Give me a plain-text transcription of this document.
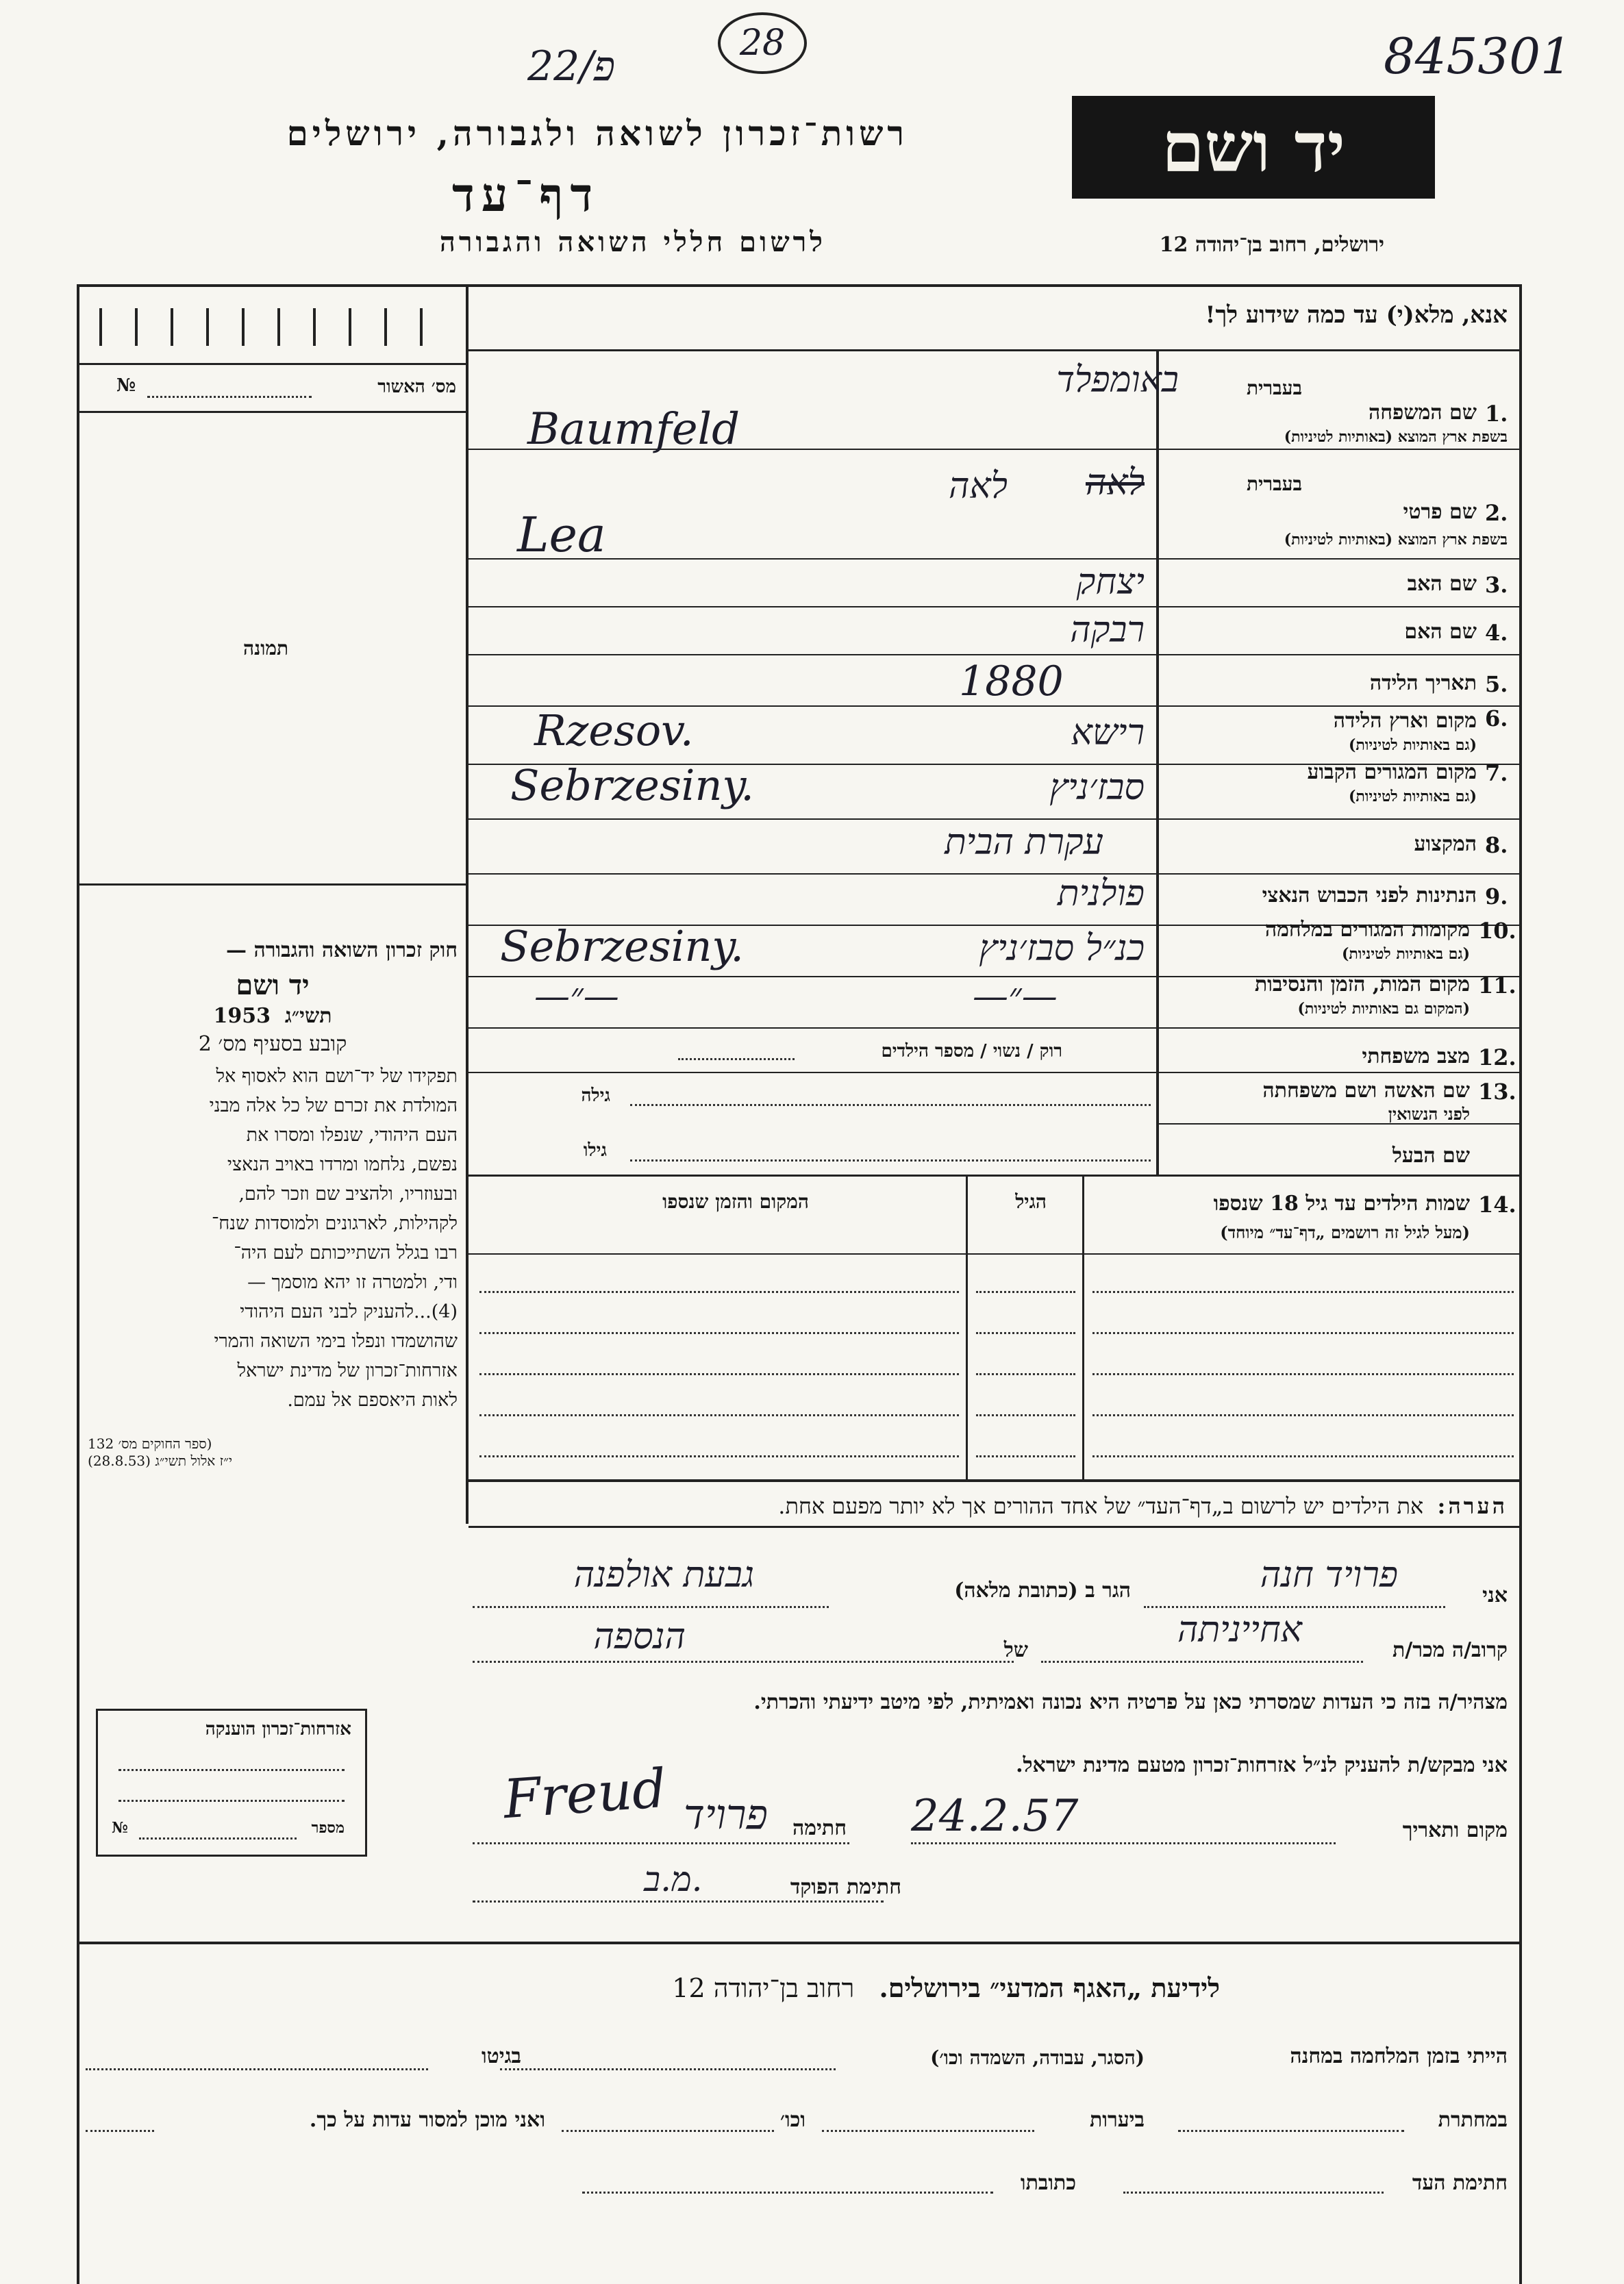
22/פ	28	845301
רשות־זכרון לשואה ולגבורה, ירושלים
דף־עד
לרשום חללי השואה והגבורה
יד ושם
ירושלים, רחוב בן־יהודה 12
מס׳ האשור
№
תמונה
חוק זכרון השואה והגבורה —
יד ושם
תשי״ג  1953
קובע בסעיף מס׳ 2
תפקידו של יד־ושם הוא לאסוף אל
המולדת את זכרם של כל אלה מבני
העם היהודי, שנפלו ומסרו את
נפשם, נלחמו ומרדו באויב הנאצי
ובעוזריו, ולהציב שם וזכר להם,
לקהילות, לארגונים ולמוסדות שנח־
רבו בגלל השתייכותם לעם היה־
ודי, ולמטרה זו יהא מוסמך —
(4)...להעניק לבני העם היהודי
שהושמדו ונפלו בימי השואה והמרי
אזרחות־זכרון של מדינת ישראל
לאות היאספם אל עמם.
(ספר החוקים מס׳ 132
י״ז אלול תשי״ג (28.8.53)
אזרחות־זכרון הוענקה
מספר
№
אנא, מלא(י) עד כמה שידוע לך!
בעברית
1.
שם המשפחה
בשפת ארץ המוצא (באותיות לטיניות)
באומפלד
Baumfeld
בעברית
2.
שם פרטי
בשפת ארץ המוצא (באותיות לטיניות)
לאה
לאה
Lea
3.
שם האב
יצחק
4.
שם האם
רבקה
5.
תאריך הלידה
1880
6.
מקום וארץ הלידה
(גם באותיות לטיניות)
רישא
Rzesov.
7.
מקום המגורים הקבוע
(גם באותיות לטיניות)
סבז׳ניץ
Sebrzesiny.
8.
המקצוע
עקרת הבית
9.
הנתינות לפני הכבוש הנאצי
פולנית
10.
מקומות המגורים במלחמה
(גם באותיות לטיניות)
כנ״ל סבז׳ניץ
Sebrzesiny.
11.
מקום המות, הזמן והנסיבות
(המקום גם באותיות לטיניות)
—״—
—״—
12.
מצב משפחתי
רוק / נשוי / מספר הילדים
13.
שם האשה ושם משפחתה
לפני הנשואין
גילה
שם הבעל
גילו
14.
שמות הילדים עד גיל 18 שנספו
(מעל לגיל זה רושמים „דף־עד״ מיוחד)
הגיל
המקום והזמן שנספו
הערה:  את הילדים יש לרשום ב„דף־העד״ של אחד ההורים אך לא יותר מפעם אחת.
אני
פרויד חנה
הגר ב (כתובת מלאה)
גבעת אולפנה
קרוב/ה מכר/ת
אחייניתה
של
הנספה
מצהיר/ה בזה כי העדות שמסרתי כאן על פרטיה היא נכונה ואמיתית, לפי מיטב ידיעתי והכרתי.
אני מבקש/ת להעניק לנ״ל אזרחות־זכרון מטעם מדינת ישראל.
מקום ותאריך
24.2.57
חתימה
פרויד
Freud
חתימת הפוקד
מ.ב.
לידיעת „האגף המדעי״ בירושלים.   רחוב בן־יהודה 12
הייתי בזמן המלחמה במחנה
(הסגר, עבודה, השמדה וכו׳)
בגיטו
במחתרת
ביערות
וכו׳
ואני מוכן למסור עדות על כך.
חתימת העד
כתובתו
